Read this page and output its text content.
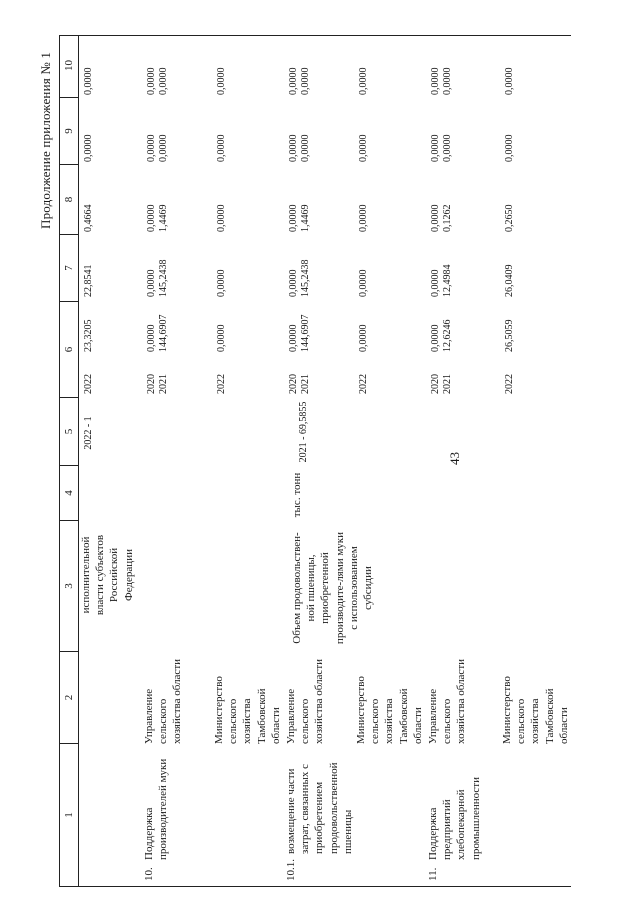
43
Продолжение приложения № 1
1
2
3
4
5
6
7
8
9
10
исполнительной власти субъектов Российской Федерации
2022 - 1
2022
23,3205
22,8541
0,4664
0,0000
0,0000
10.
Поддержка производителей муки
Управление сельского хозяйства области
2020 2021
0,0000 144,6907
0,0000 145,2438
0,0000 1,4469
0,0000 0,0000
0,0000 0,0000
Министерство сельского хозяйства Тамбовской области
2022
0,0000
0,0000
0,0000
0,0000
0,0000
10.1.
возмещение части затрат, связанных с приобретением продовольственной пшеницы
Управление сельского хозяйства области
Объем продовольствен-ной пшеницы, приобретенной производите-лями муки с использованием субсидии
тыс. тонн
2021 - 69,5855
2020 2021
0,0000 144,6907
0,0000 145,2438
0,0000 1,4469
0,0000 0,0000
0,0000 0,0000
Министерство сельского хозяйства Тамбовской области
2022
0,0000
0,0000
0,0000
0,0000
0,0000
11.
Поддержка предприятий хлебопекарной промышленности
Управление сельского хозяйства области
2020 2021
0,0000 12,6246
0,0000 12,4984
0,0000 0,1262
0,0000 0,0000
0,0000 0,0000
Министерство сельского хозяйства Тамбовской области
2022
26,5059
26,0409
0,2650
0,0000
0,0000
